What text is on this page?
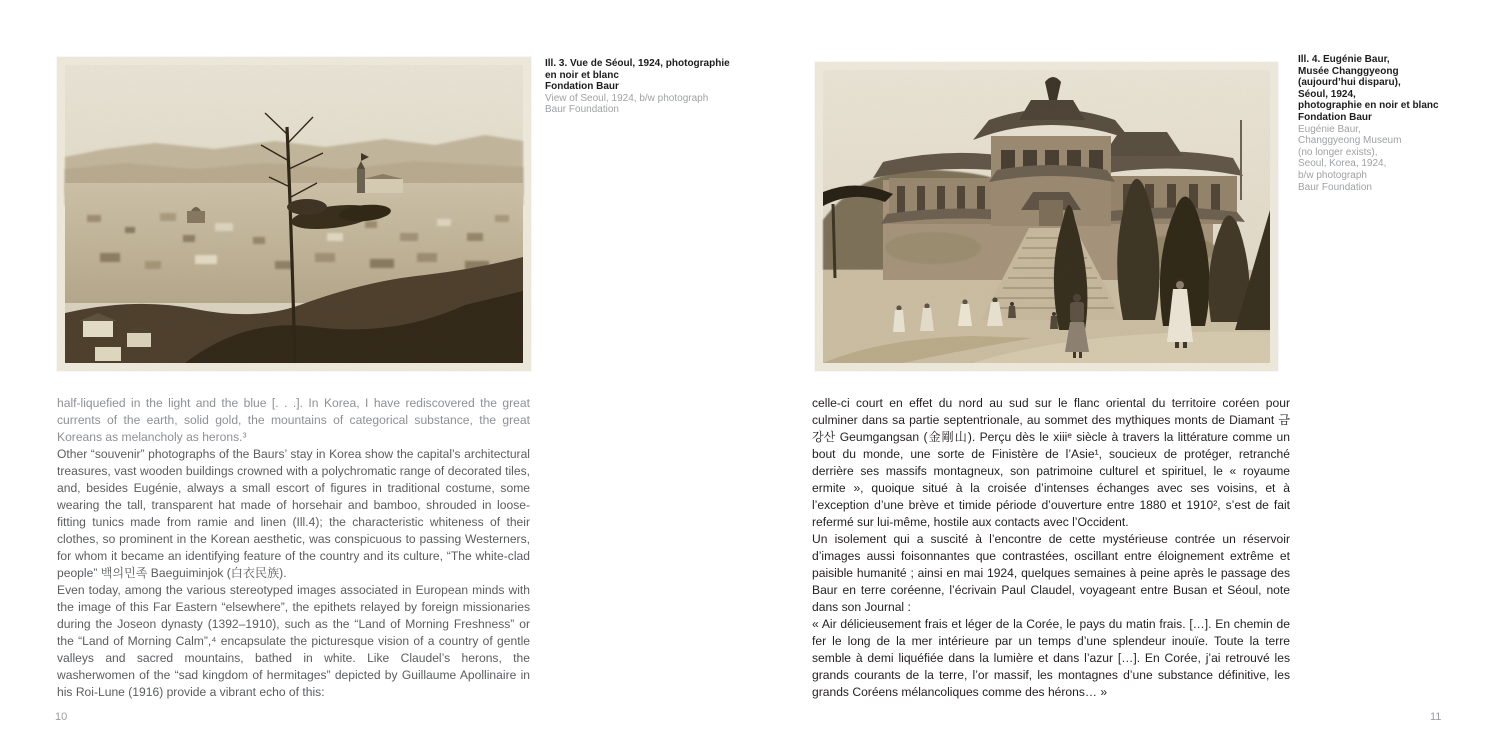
Ill. 3. Vue de Séoul, 1924, photographie
en noir et blanc
Fondation Baur
View of Seoul, 1924, b/w photograph
Baur Foundation

half-liquefied in the light and the blue [. . .]. In Korea, I have rediscovered the great currents of the earth, solid gold, the mountains of categorical substance, the great Koreans as melancholy as herons.³

Other “souvenir” photographs of the Baurs’ stay in Korea show the capital’s architectural treasures, vast wooden buildings crowned with a polychromatic range of decorated tiles, and, besides Eugénie, always a small escort of figures in traditional costume, some wearing the tall, transparent hat made of horsehair and bamboo, shrouded in loose-fitting tunics made from ramie and linen (Ill.4); the characteristic whiteness of their clothes, so prominent in the Korean aesthetic, was conspicuous to passing Westerners, for whom it became an identifying feature of the country and its culture, “The white-clad people” 백의민족 Baeguiminjok (白衣民族).

Even today, among the various stereotyped images associated in European minds with the image of this Far Eastern “elsewhere”, the epithets relayed by foreign missionaries during the Joseon dynasty (1392–1910), such as the “Land of Morning Freshness” or the “Land of Morning Calm”,⁴ encapsulate the picturesque vision of a country of gentle valleys and sacred mountains, bathed in white. Like Claudel’s herons, the washerwomen of the “sad kingdom of hermitages” depicted by Guillaume Apollinaire in his Roi-Lune (1916) provide a vibrant echo of this:

10
Ill. 4. Eugénie Baur,
Musée Changgyeong
(aujourd’hui disparu),
Séoul, 1924,
photographie en noir et blanc
Fondation Baur
Eugénie Baur,
Changgyeong Museum
(no longer exists),
Seoul, Korea, 1924,
b/w photograph
Baur Foundation

celle-ci court en effet du nord au sud sur le flanc oriental du territoire coréen pour culminer dans sa partie septentrionale, au sommet des mythiques monts de Diamant 금강산 Geumgangsan (金剛山). Perçu dès le xiiiᵉ siècle à travers la littérature comme un bout du monde, une sorte de Finistère de l’Asie¹, soucieux de protéger, retranché derrière ses massifs montagneux, son patrimoine culturel et spirituel, le « royaume ermite », quoique situé à la croisée d’intenses échanges avec ses voisins, et à l’exception d’une brève et timide période d’ouverture entre 1880 et 1910², s’est de fait refermé sur lui-même, hostile aux contacts avec l’Occident.

Un isolement qui a suscité à l’encontre de cette mystérieuse contrée un réservoir d’images aussi foisonnantes que contrastées, oscillant entre éloignement extrême et paisible humanité ; ainsi en mai 1924, quelques semaines à peine après le passage des Baur en terre coréenne, l’écrivain Paul Claudel, voyageant entre Busan et Séoul, note dans son Journal :

« Air délicieusement frais et léger de la Corée, le pays du matin frais. […]. En chemin de fer le long de la mer intérieure par un temps d’une splendeur inouïe. Toute la terre semble à demi liquéfiée dans la lumière et dans l’azur […]. En Corée, j’ai retrouvé les grands courants de la terre, l’or massif, les montagnes d’une substance définitive, les grands Coréens mélancoliques comme des hérons… »

11
